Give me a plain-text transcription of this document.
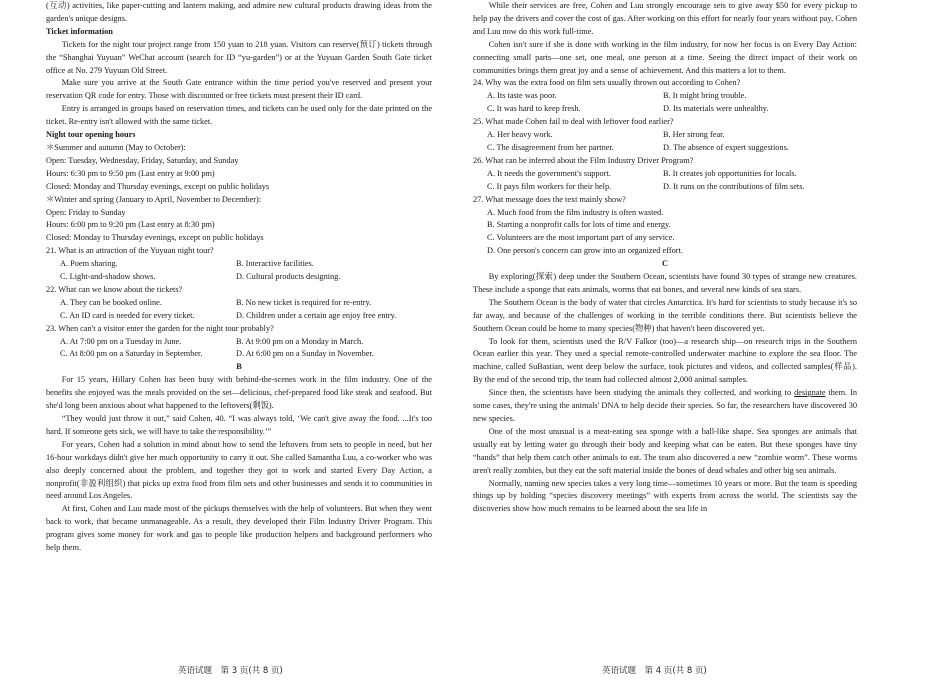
(互动) activities, like paper-cutting and lantern making, and admire new cultural products drawing ideas from the garden's unique designs.

Ticket information

Tickets for the night tour project range from 150 yuan to 218 yuan. Visitors can reserve(预订) tickets through the “Shanghai Yuyuan” WeChat account (search for ID “yu-garden”) or at the Yuyuan Garden South Gate ticket office at No. 279 Yuyuan Old Street.

Make sure you arrive at the South Gate entrance within the time period you've reserved and present your reservation QR code for entry. Those with discounted or free tickets must present their ID card.

Entry is arranged in groups based on reservation times, and tickets can be used only for the date printed on the ticket. Re-entry isn't allowed with the same ticket.

Night tour opening hours

＊Summer and autumn (May to October):

Open: Tuesday, Wednesday, Friday, Saturday, and Sunday

Hours: 6:30 pm to 9:50 pm (Last entry at 9:00 pm)

Closed: Monday and Thursday evenings, except on public holidays

＊Winter and spring (January to April, November to December):

Open: Friday to Sunday

Hours: 6:00 pm to 9:20 pm (Last entry at 8:30 pm)

Closed: Monday to Thursday evenings, except on public holidays

21. What is an attraction of the Yuyuan night tour?

A. Poem sharing.	B. Interactive facilities.
C. Light-and-shadow shows.	D. Cultural products designing.

22. What can we know about the tickets?

A. They can be booked online.	B. No new ticket is required for re-entry.
C. An ID card is needed for every ticket.	D. Children under a certain age enjoy free entry.

23. When can't a visitor enter the garden for the night tour probably?

A. At 7:00 pm on a Tuesday in June.	B. At 9:00 pm on a Monday in March.
C. At 8:00 pm on a Saturday in September.	D. At 6:00 pm on a Sunday in November.

B

For 15 years, Hillary Cohen has been busy with behind-the-scenes work in the film industry. One of the benefits she enjoyed was the meals provided on the set—delicious, chef-prepared food like steak and seafood. But she'd long been anxious about what happened to the leftovers(剩饭).

“They would just throw it out,” said Cohen, 40. “I was always told, ‘We can't give away the food. ...It's too hard. If someone gets sick, we will have to take the responsibility.’”

For years, Cohen had a solution in mind about how to send the leftovers from sets to people in need, but her 16-hour workdays didn't give her much opportunity to carry it out. She called Samantha Luu, a co-worker who was also deeply concerned about the problem, and together they got to work and started Every Day Action, a nonprofit(非盈利组织) that picks up extra food from film sets and other businesses and sends it to communities in need around Los Angeles.

At first, Cohen and Luu made most of the pickups themselves with the help of volunteers. But when they went back to work, that became unmanageable. As a result, they developed their Film Industry Driver Program. This program gives some money for work and gas to people like production helpers and background performers who help them.

While their services are free, Cohen and Luu strongly encourage sets to give away $50 for every pickup to help pay the drivers and cover the cost of gas. After working on this effort for nearly four years without pay, Cohen and Luu now do this work full-time.

Cohen isn't sure if she is done with working in the film industry, for now her focus is on Every Day Action: connecting small parts—one set, one meal, one person at a time. Seeing the direct impact of their work on communities brings them great joy and a sense of achievement. And this matters a lot to them.

24. Why was the extra food on film sets usually thrown out according to Cohen?

A. Its taste was poor.	B. It might bring trouble.
C. It was hard to keep fresh.	D. Its materials were unhealthy.

25. What made Cohen fail to deal with leftover food earlier?

A. Her heavy work.	B. Her strong fear.
C. The disagreement from her partner.	D. The absence of expert suggestions.

26. What can be inferred about the Film Industry Driver Program?

A. It needs the government's support.	B. It creates job opportunities for locals.
C. It pays film workers for their help.	D. It runs on the contributions of film sets.

27. What message does the text mainly show?

A. Much food from the film industry is often wasted.
B. Starting a nonprofit calls for lots of time and energy.
C. Volunteers are the most important part of any service.
D. One person's concern can grow into an organized effort.

C

By exploring(探索) deep under the Southern Ocean, scientists have found 30 types of strange new creatures. These include a sponge that eats animals, worms that eat bones, and several new kinds of sea stars.

The Southern Ocean is the body of water that circles Antarctica. It's hard for scientists to study because it's so far away, and because of the challenges of working in the terrible conditions there. But scientists believe the Southern Ocean could be home to many species(物种) that haven't been discovered yet.

To look for them, scientists used the R/V Falkor (too)—a research ship—on research trips in the Southern Ocean earlier this year. They used a special remote-controlled underwater machine to explore the sea floor. The machine, called SuBastian, went deep below the surface, took pictures and videos, and collected samples(样品). By the end of the second trip, the team had collected almost 2,000 animal samples.

Since then, the scientists have been studying the animals they collected, and working to designate them. In some cases, they're using the animals' DNA to help decide their species. So far, the researchers have discovered 30 new species.

One of the most unusual is a meat-eating sea sponge with a ball-like shape. Sea sponges are animals that usually eat by letting water go through their body and keeping what can be eaten. But these sponges have tiny “hands” that help them catch other animals to eat. The team also discovered a new “zombie worm”. These worms aren't really zombies, but they eat the soft material inside the bones of dead whales and other big sea animals.

Normally, naming new species takes a very long time—sometimes 10 years or more. But the team is speeding things up by holding “species discovery meetings” with experts from across the world. The scientists say the discoveries show how much remains to be learned about the sea life in

英语试题　第 3 页(共 8 页)	英语试题　第 4 页(共 8 页)
